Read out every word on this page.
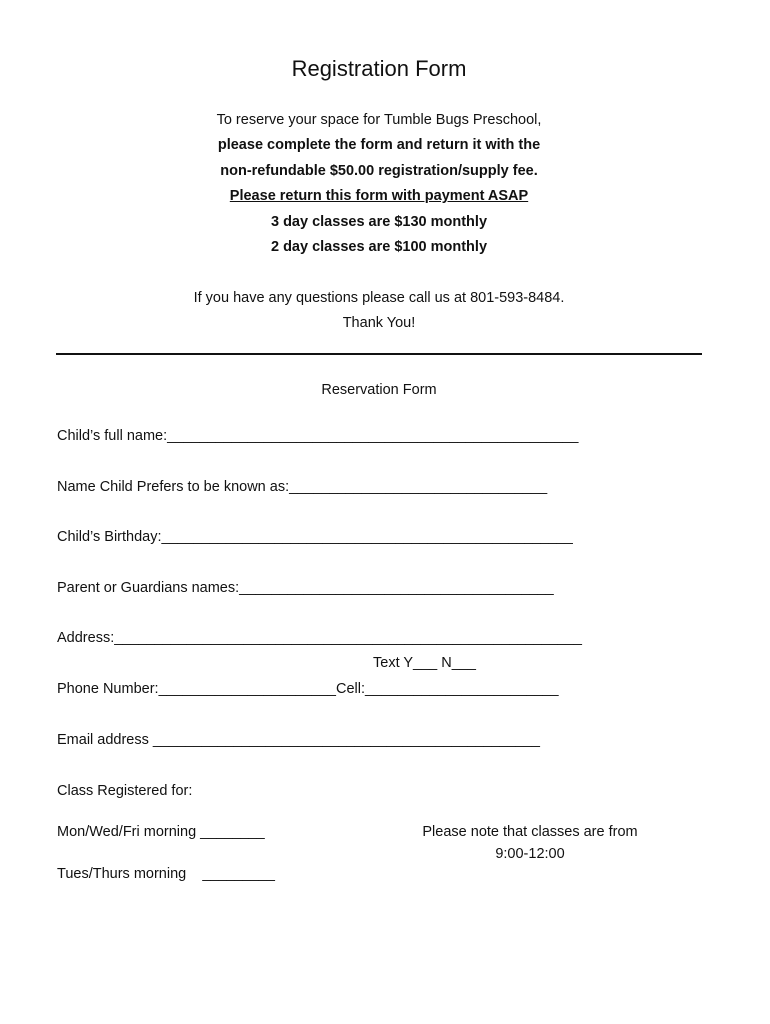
Registration Form
To reserve your space for Tumble Bugs Preschool,
please complete the form and return it with the
non-refundable $50.00 registration/supply fee.
Please return this form with payment ASAP
3 day classes are $130 monthly
2 day classes are $100 monthly
If you have any questions please call us at 801-593-8484.
Thank You!
Reservation Form
Child’s full name:___________________________________________________
Name Child Prefers to be known as:________________________________
Child’s Birthday:___________________________________________________
Parent or Guardians names:_______________________________________
Address:__________________________________________________________
Text Y___ N___
Phone Number:______________________Cell:________________________
Email address ________________________________________________
Class Registered for:
Mon/Wed/Fri morning ________
Tues/Thurs morning    _________
Please note that classes are from
9:00-12:00
